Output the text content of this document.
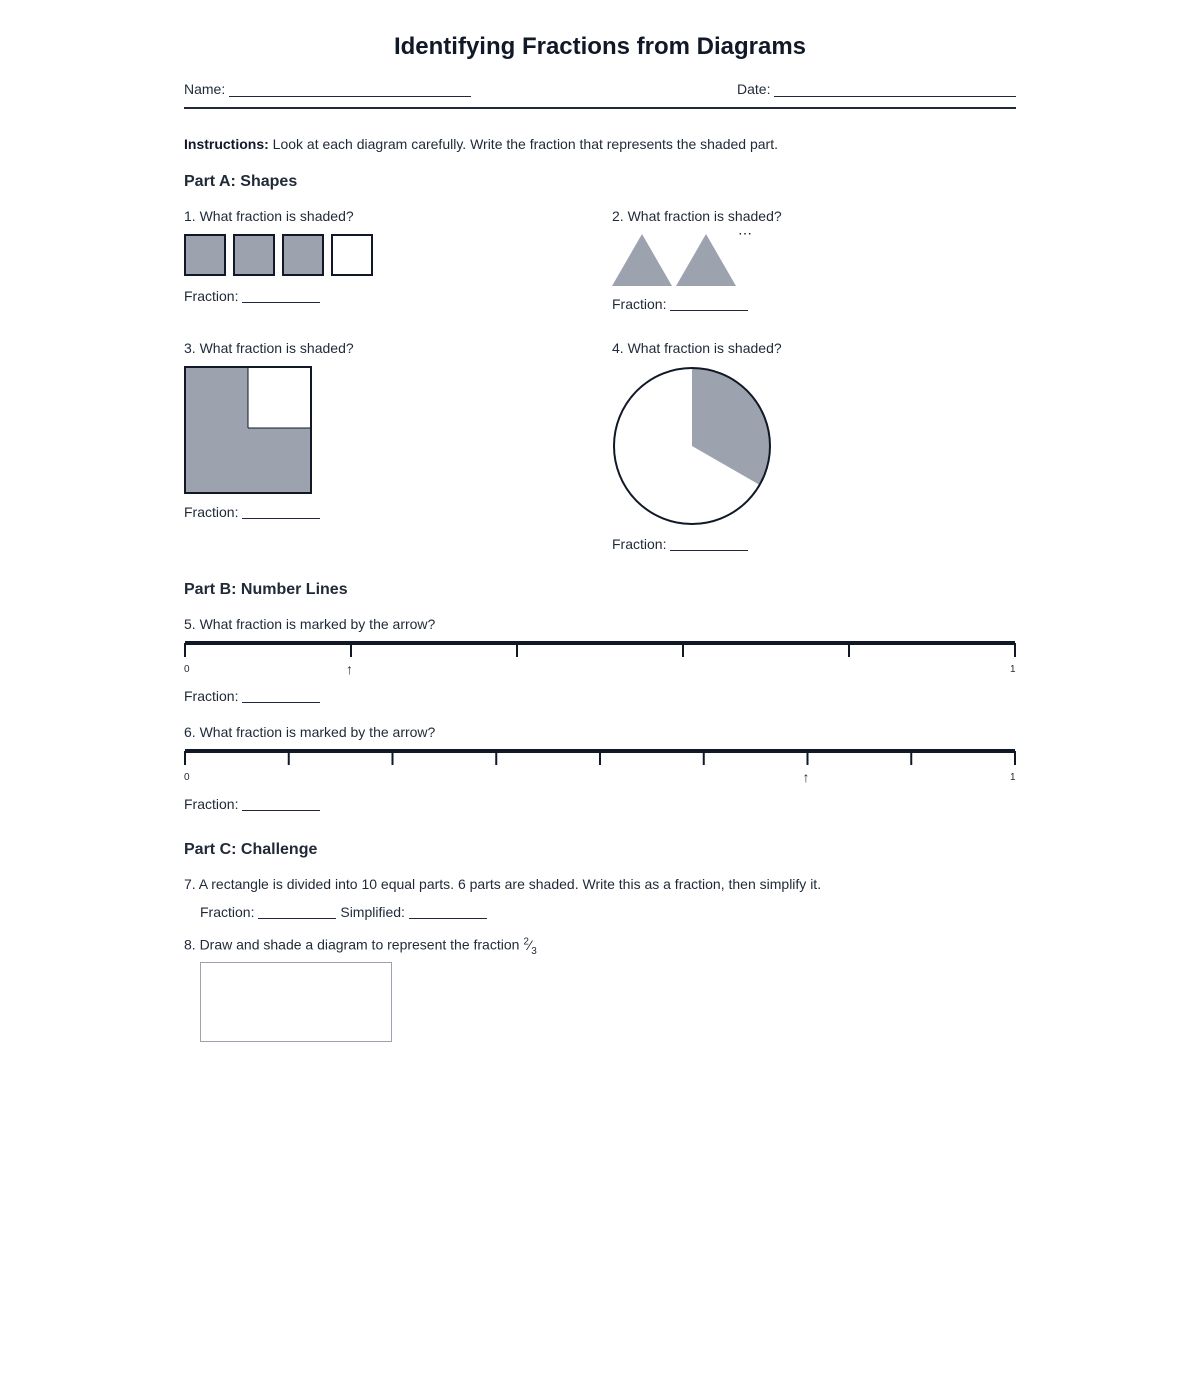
Identifying Fractions from Diagrams
Name:	Date:
Instructions: Look at each diagram carefully. Write the fraction that represents the shaded part.
Part A: Shapes
1. What fraction is shaded?
Fraction:
2. What fraction is shaded?
⋯
Fraction:
3. What fraction is shaded?
Fraction:
4. What fraction is shaded?
Fraction:
Part B: Number Lines
5. What fraction is marked by the arrow?
0	1
↑
Fraction:
6. What fraction is marked by the arrow?
0	1
↑
Fraction:
Part C: Challenge
7. A rectangle is divided into 10 equal parts. 6 parts are shaded. Write this as a fraction, then simplify it.
Fraction:	Simplified:
8. Draw and shade a diagram to represent the fraction $^2⁄_3$
